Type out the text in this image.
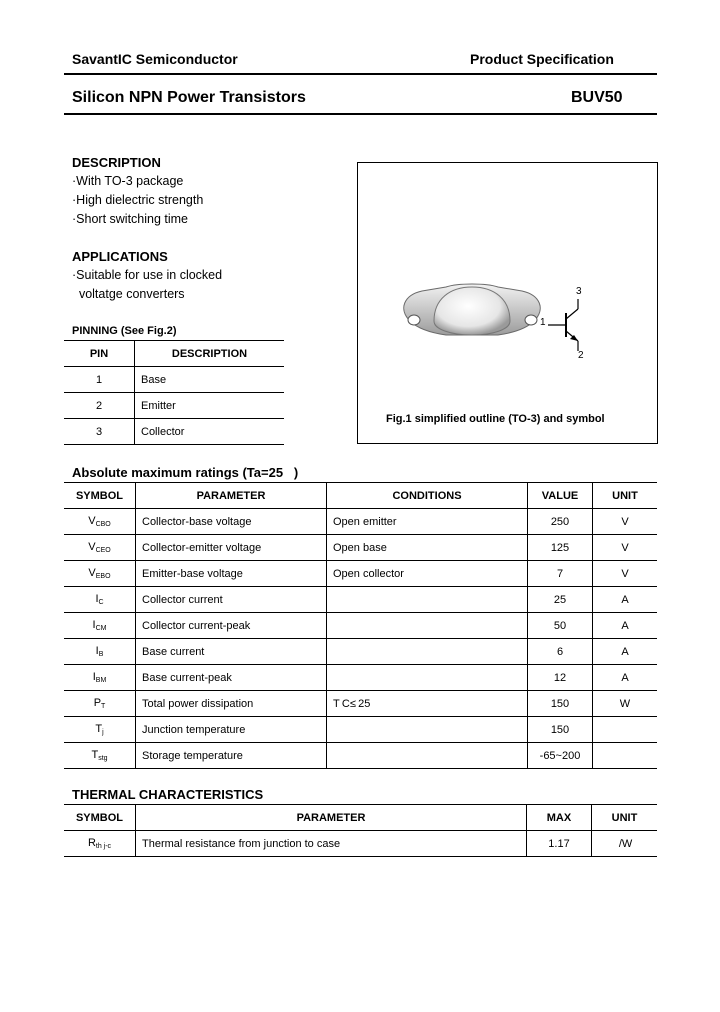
SavantIC Semiconductor	Product Specification
Silicon NPN Power Transistors	BUV50
DESCRIPTION
·With TO-3 package
·High dielectric strength
·Short switching time
APPLICATIONS
·Suitable for use in clocked
voltatge converters
PINNING (See Fig.2)
PIN	DESCRIPTION
1	Base
2	Emitter
3	Collector
1
2
3
Fig.1 simplified outline (TO-3) and symbol
Absolute maximum ratings (Ta=25   )
SYMBOL	PARAMETER	CONDITIONS	VALUE	UNIT
$V_{CBO}$	Collector-base voltage	Open emitter	250	V
$V_{CEO}$	Collector-emitter voltage	Open base	125	V
$V_{EBO}$	Emitter-base voltage	Open collector	7	V
$I_C$	Collector current		25	A
$I_{CM}$	Collector current-peak		50	A
$I_B$	Base current		6	A
$I_{BM}$	Base current-peak		12	A
$P_T$	Total power dissipation	T C≤ 25	150	W
$T_j$	Junction temperature		150	 
$T_{stg}$	Storage temperature		-65~200	 
THERMAL CHARACTERISTICS
SYMBOL	PARAMETER	MAX	UNIT
$R_{th j-c}$	Thermal resistance from junction to case	1.17	 /W
